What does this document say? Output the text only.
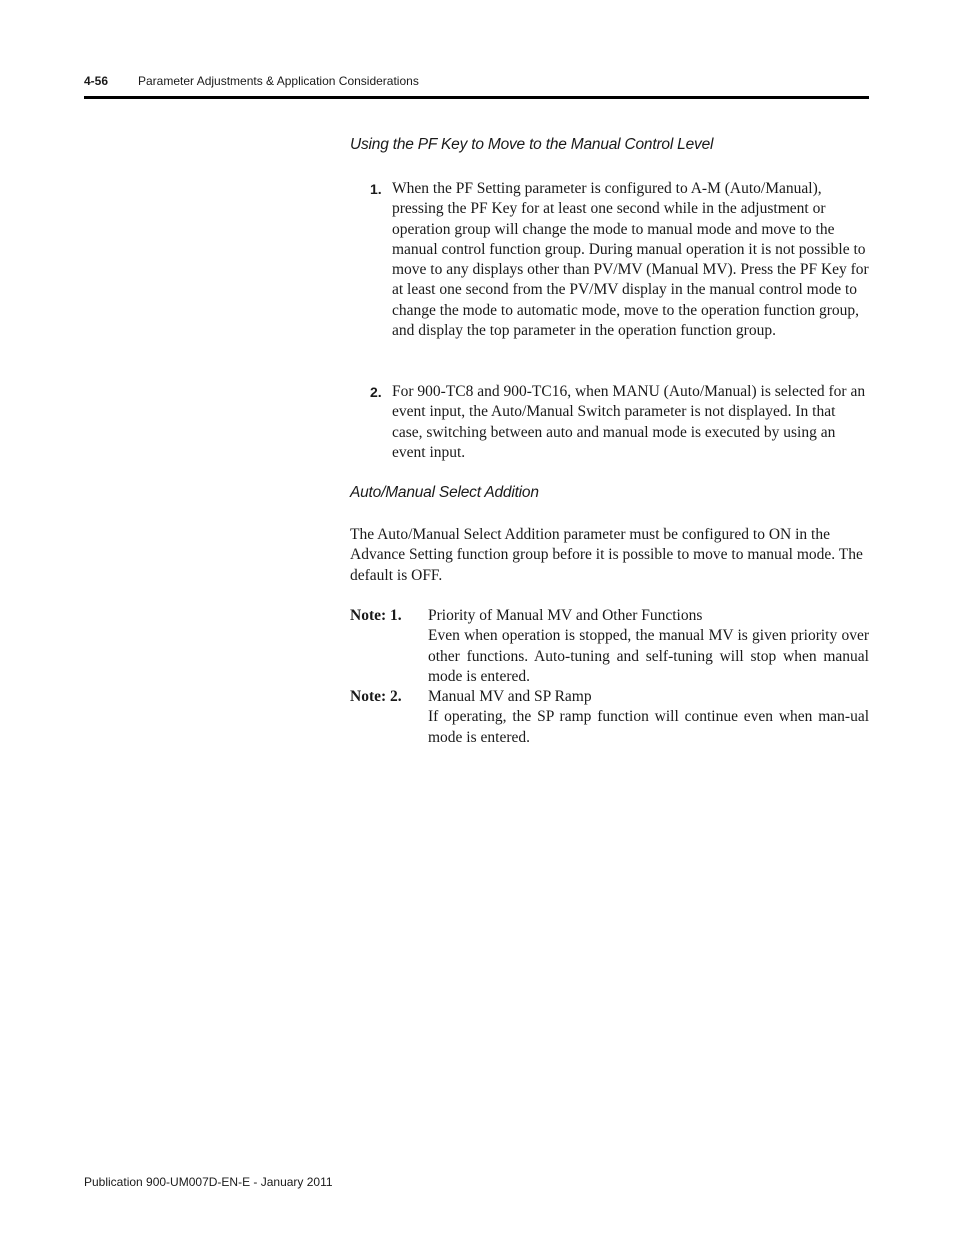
4-56 Parameter Adjustments & Application Considerations
Using the PF Key to Move to the Manual Control Level
1. When the PF Setting parameter is configured to A-M (Auto/Manual), pressing the PF Key for at least one second while in the adjustment or operation group will change the mode to manual mode and move to the manual control function group. During manual operation it is not possible to move to any displays other than PV/MV (Manual MV). Press the PF Key for at least one second from the PV/MV display in the manual control mode to change the mode to automatic mode, move to the operation function group, and display the top parameter in the operation function group.
2. For 900-TC8 and 900-TC16, when MANU (Auto/Manual) is selected for an event input, the Auto/Manual Switch parameter is not displayed. In that case, switching between auto and manual mode is executed by using an event input.
Auto/Manual Select Addition
The Auto/Manual Select Addition parameter must be configured to ON in the Advance Setting function group before it is possible to move to manual mode. The default is OFF.
Note: 1. Priority of Manual MV and Other Functions
Even when operation is stopped, the manual MV is given priority over other functions. Auto-tuning and self-tuning will stop when manual mode is entered.
Note: 2. Manual MV and SP Ramp
If operating, the SP ramp function will continue even when man-ual mode is entered.
Publication 900-UM007D-EN-E - January 2011
